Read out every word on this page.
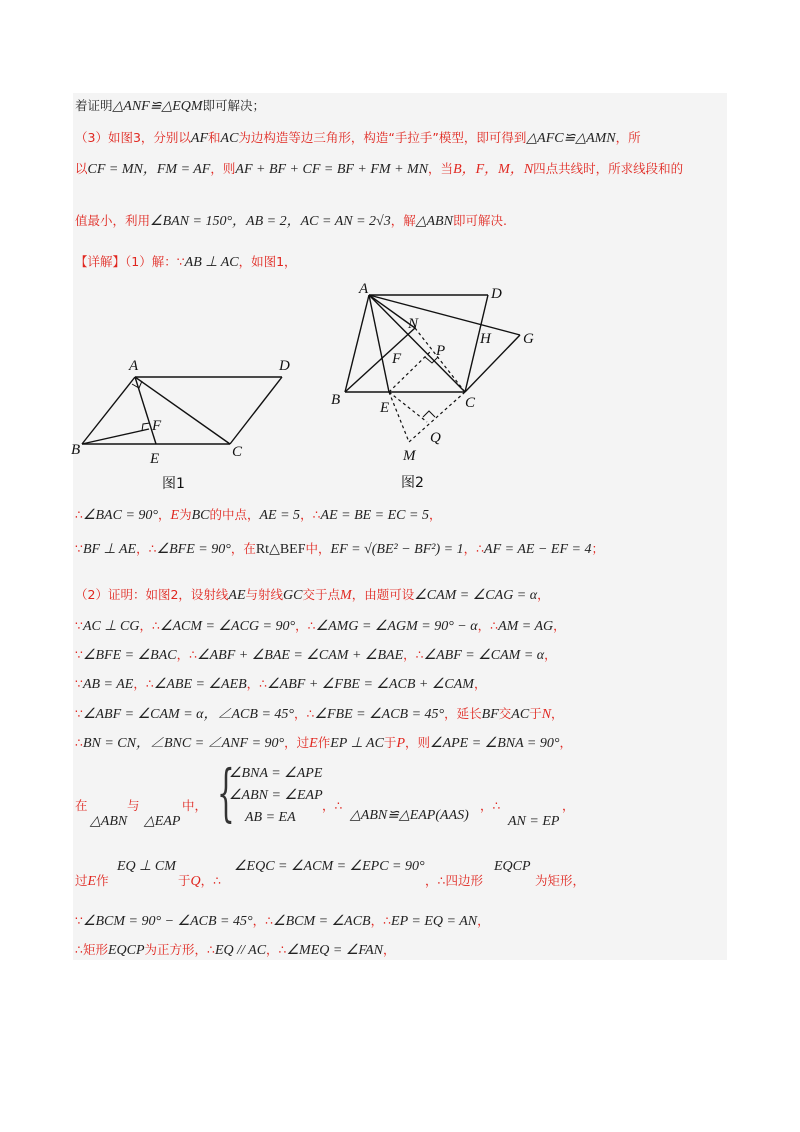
着证明△ANF≌△EQM即可解决；
（3）如图3，分别以AF和AC为边构造等边三角形，构造“手拉手”模型，即可得到△AFC≌△AMN，所
以CF = MN，FM = AF，则AF + BF + CF = BF + FM + MN，当B，F，M，N四点共线时，所求线段和的
值最小，利用∠BAN = 150°，AB = 2，AC = AN = 2√3，解△ABN即可解决.
【详解】（1）解：∵AB ⊥ AC，如图1，
A	D
B	C
E
F
图1
A	D
G
H
N
P
F
B	E	C
Q
M
图2
∴∠BAC = 90°，E为BC的中点，AE = 5，∴AE = BE = EC = 5，
∵BF ⊥ AE，∴∠BFE = 90°，在Rt△BEF中，EF = √(BE² − BF²) = 1，∴AF = AE − EF = 4；
（2）证明：如图2，设射线AE与射线GC交于点M，由题可设∠CAM = ∠CAG = α，
∵AC ⊥ CG，∴∠ACM = ∠ACG = 90°，∴∠AMG = ∠AGM = 90° − α，∴AM = AG，
∵∠BFE = ∠BAC，∴∠ABF + ∠BAE = ∠CAM + ∠BAE，∴∠ABF = ∠CAM = α，
∵AB = AE，∴∠ABE = ∠AEB，∴∠ABF + ∠FBE = ∠ACB + ∠CAM，
∵∠ABF = ∠CAM = α，∠ACB = 45°，∴∠FBE = ∠ACB = 45°，延长BF交AC于N，
∴BN = CN，∠BNC = ∠ANF = 90°，过E作EP ⊥ AC于P，则∠APE = ∠BNA = 90°，
在
△ABN
与
△EAP
中， {
∠BNA = ∠APE
∠ABN = ∠EAP
AB = EA
，∴
△ABN≌△EAP(AAS)
，∴
AN = EP
，
过E作
EQ ⊥ CM
于Q，∴
∠EQC = ∠ACM = ∠EPC = 90°
，∴四边形
EQCP
为矩形，
∵∠BCM = 90° − ∠ACB = 45°，∴∠BCM = ∠ACB，∴EP = EQ = AN，
∴矩形EQCP为正方形，∴EQ // AC，∴∠MEQ = ∠FAN，
